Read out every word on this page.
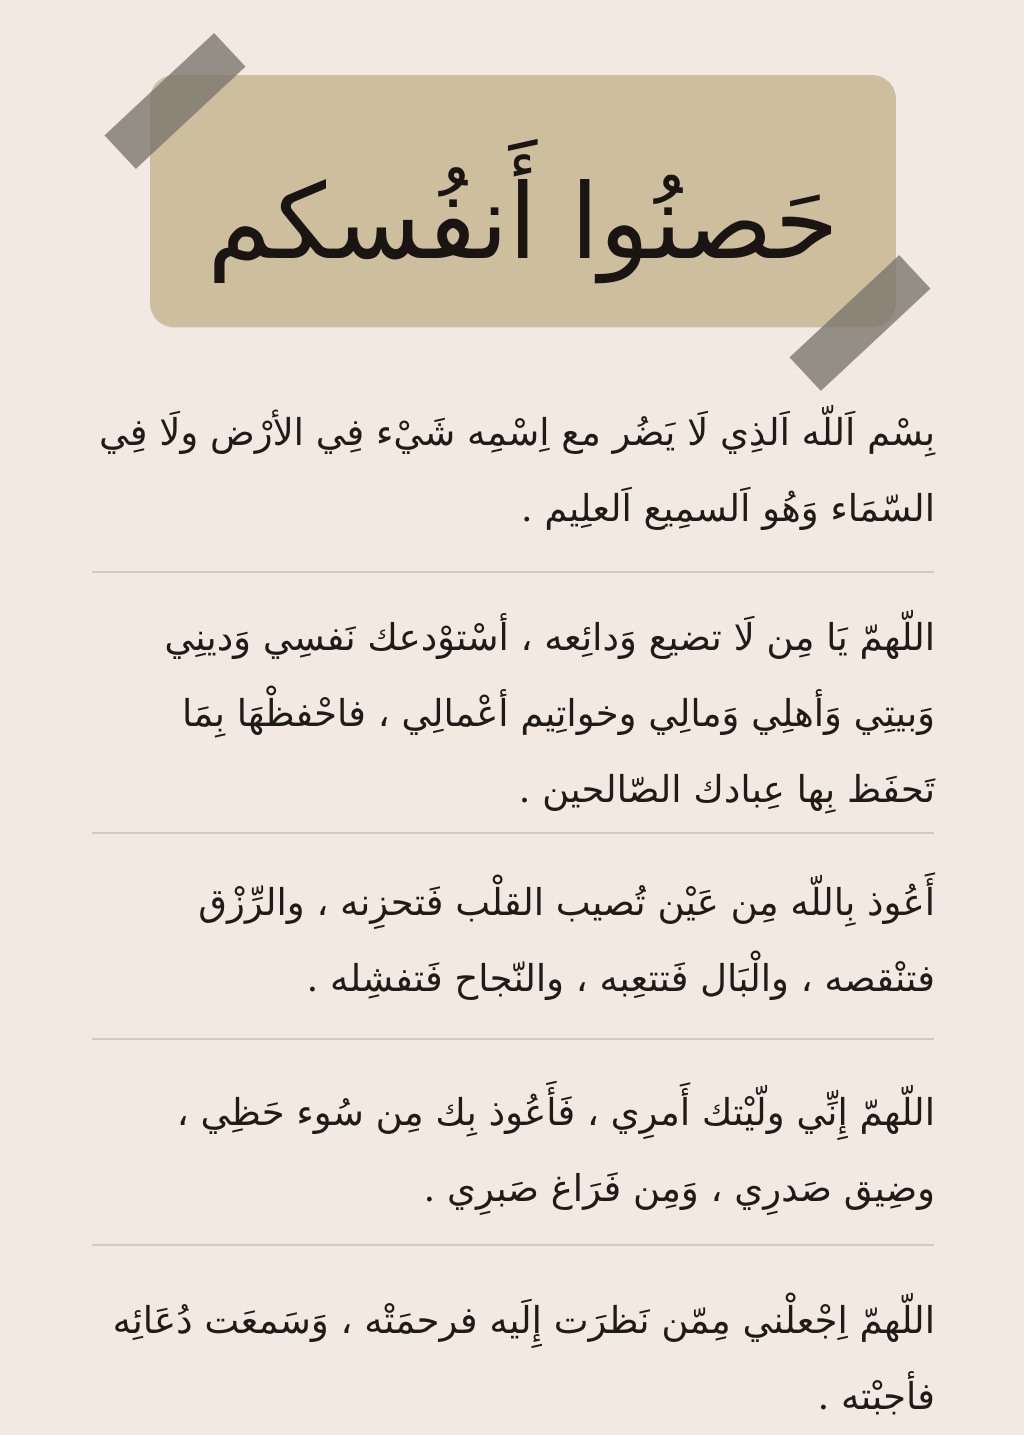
حَصنُوا أَنفُسكم
بِسْم اَللّه اَلذِي لَا يَضُر مع اِسْمِه شَيْء فِي الأرْض ولَا فِي السّمَاء وَهُو اَلسمِيع اَلعلِيم .
اللّهمّ يَا مِن لَا تضيع وَدائِعه ، أسْتوْدعك نَفسِي وَدينِي وَبيتِي وَأهلِي وَمالِي وخواتِيم أعْمالِي ، فاحْفظْهَا بِمَا تَحفَظ بِها عِبادك الصّالحين .
أَعُوذ بِاللّه مِن عَيْن تُصيب القلْب فَتحزِنه ، والرِّزْق فتنْقصه ، والْبَال فَتتعِبه ، والنّجاح فَتفشِله .
اللّهمّ إِنِّي ولّيْتك أَمرِي ، فَأَعُوذ بِك مِن سُوء حَظِي ، وضِيق صَدرِي ، وَمِن فَرَاغ صَبرِي .
اللّهمّ اِجْعلْني مِمّن نَظرَت إِلَيه فرحمَتْه ، وَسَمعَت دُعَائِه فأجبْته .
